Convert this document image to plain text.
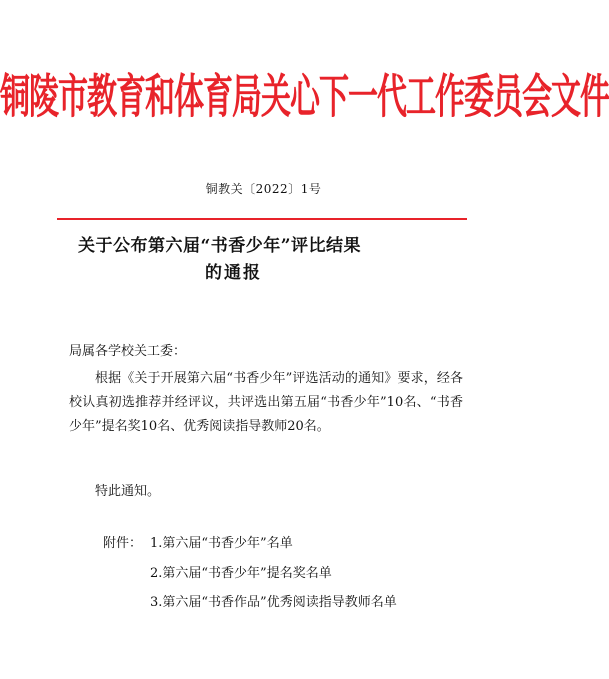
铜陵市教育和体育局关心下一代工作委员会文件
铜教关〔2022〕1号
关于公布第六届“书香少年”评比结果
的通报
局属各学校关工委：

根据《关于开展第六届“书香少年”评选活动的通知》要求，经各校认真初选推荐并经评议，共评选出第五届“书香少年”10名、“书香少年”提名奖10名、优秀阅读指导教师20名。

特此通知。
附件： 1.第六届“书香少年”名单
2.第六届“书香少年”提名奖名单
3.第六届“书香作品”优秀阅读指导教师名单
